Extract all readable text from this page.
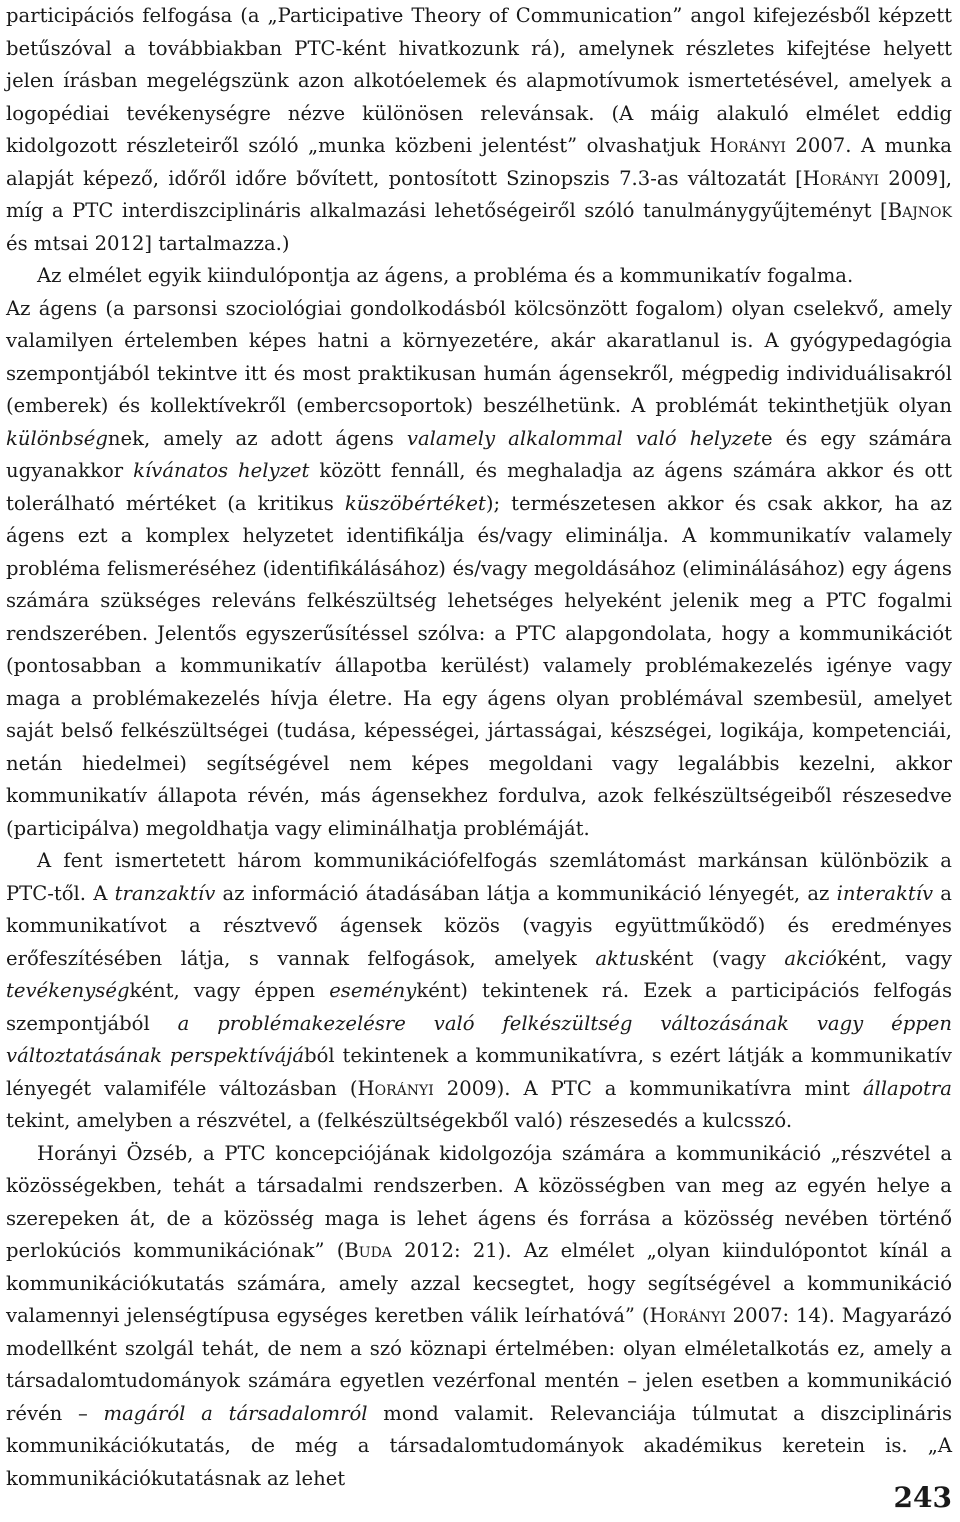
participációs felfogása (a „Participative Theory of Communication” angol kifejezésből képzett betűszóval a továbbiakban PTC-ként hivatkozunk rá), amelynek részletes kifejtése helyett jelen írásban megelégszünk azon alkotóelemek és alapmotívumok ismertetésével, amelyek a logopédiai tevékenységre nézve különösen relevánsak. (A máig alakuló elmélet eddig kidolgozott részleteiről szóló „munka közbeni jelentést” olvashatjuk Horányi 2007. A munka alapját képező, időről időre bővített, pontosított Szinopszis 7.3-as változatát [Horányi 2009], míg a PTC interdiszciplináris alkalmazási lehetőségeiről szóló tanulmánygyűjteményt [Bajnok és mtsai 2012] tartalmazza.)

Az elmélet egyik kiindulópontja az ágens, a probléma és a kommunikatív fogalma.

Az ágens (a parsonsi szociológiai gondolkodásból kölcsönzött fogalom) olyan cselekvő, amely valamilyen értelemben képes hatni a környezetére, akár akaratlanul is. A gyógypedagógia szempontjából tekintve itt és most praktikusan humán ágensekről, mégpedig individuálisakról (emberek) és kollektívekről (embercsoportok) beszélhetünk. A problémát tekinthetjük olyan különbségnek, amely az adott ágens valamely alkalommal való helyzete és egy számára ugyanakkor kívánatos helyzet között fennáll, és meghaladja az ágens számára akkor és ott tolerálható mértéket (a kritikus küszöbértéket); természetesen akkor és csak akkor, ha az ágens ezt a komplex helyzetet identifikálja és/vagy eliminálja. A kommunikatív valamely probléma felismeréséhez (identifikálásához) és/vagy megoldásához (eliminálásához) egy ágens számára szükséges releváns felkészültség lehetséges helyeként jelenik meg a PTC fogalmi rendszerében. Jelentős egyszerűsítéssel szólva: a PTC alapgondolata, hogy a kommunikációt (pontosabban a kommunikatív állapotba kerülést) valamely problémakezelés igénye vagy maga a problémakezelés hívja életre. Ha egy ágens olyan problémával szembesül, amelyet saját belső felkészültségei (tudása, képességei, jártasságai, készségei, logikája, kompetenciái, netán hiedelmei) segítségével nem képes megoldani vagy legalábbis kezelni, akkor kommunikatív állapota révén, más ágensekhez fordulva, azok felkészültségeiből részesedve (participálva) megoldhatja vagy eliminálhatja problémáját.

A fent ismertetett három kommunikációfelfogás szemlátomást markánsan különbözik a PTC-től. A tranzaktív az információ átadásában látja a kommunikáció lényegét, az interaktív a kommunikatívot a résztvevő ágensek közös (vagyis együttműködő) és eredményes erőfeszítésében látja, s vannak felfogások, amelyek aktusként (vagy akcióként, vagy tevékenységként, vagy éppen eseményként) tekintenek rá. Ezek a participációs felfogás szempontjából a problémakezelésre való felkészültség változásának vagy éppen változtatásának perspektívájából tekintenek a kommunikatívra, s ezért látják a kommunikatív lényegét valamiféle változásban (Horányi 2009). A PTC a kommunikatívra mint állapotra tekint, amelyben a részvétel, a (felkészültségekből való) részesedés a kulcsszó.

Horányi Özséb, a PTC koncepciójának kidolgozója számára a kommunikáció „részvétel a közösségekben, tehát a társadalmi rendszerben. A közösségben van meg az egyén helye a szerepeken át, de a közösség maga is lehet ágens és forrása a közösség nevében történő perlokúciós kommunikációnak” (Buda 2012: 21). Az elmélet „olyan kiindulópontot kínál a kommunikációkutatás számára, amely azzal kecsegtet, hogy segítségével a kommunikáció valamennyi jelenségtípusa egységes keretben válik leírhatóvá” (Horányi 2007: 14). Magyarázó modellként szolgál tehát, de nem a szó köznapi értelmében: olyan elméletalkotás ez, amely a társadalomtudományok számára egyetlen vezérfonal mentén – jelen esetben a kommunikáció révén – magáról a társadalomról mond valamit. Relevanciája túlmutat a diszciplináris kommunikációkutatás, de még a társadalomtudományok akadémikus keretein is. „A kommunikációkutatásnak az lehet

243
